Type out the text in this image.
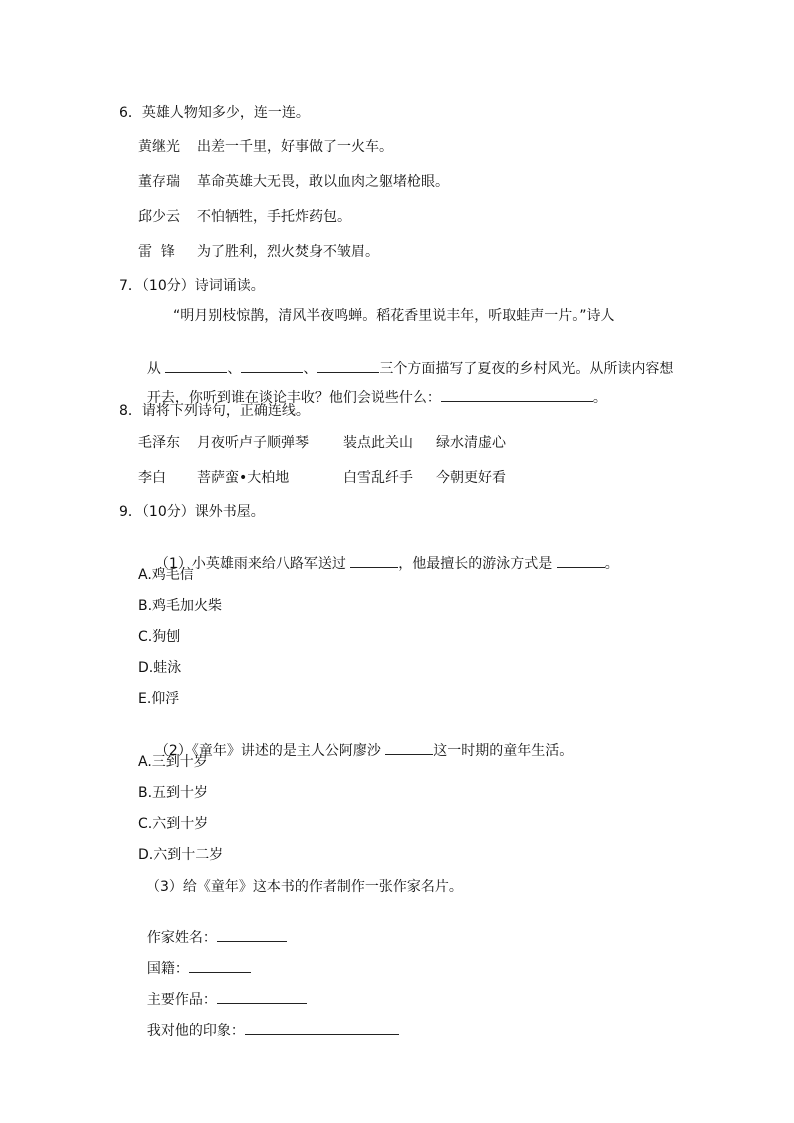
6．英雄人物知多少，连一连。
黄继光 出差一千里，好事做了一火车。
董存瑞 革命英雄大无畏，敢以血肉之躯堵枪眼。
邱少云 不怕牺牲，手托炸药包。
雷  锋 为了胜利，烈火焚身不皱眉。
7．（10分）诗词诵读。
“明月别枝惊鹊，清风半夜鸣蝉。稻花香里说丰年，听取蛙声一片。”诗人

从	、	、	三个方面描写了夏夜的乡村风光。从所读内容想

开去，你听到谁在谈论丰收？他们会说些什么：	。

8．请将下列诗句，正确连线。
毛泽东 月夜听卢子顺弹琴 装点此关山 绿水清虚心
李白 菩萨蛮•大柏地	白雪乱纤手 今朝更好看
9．（10分）课外书屋。

（1）小英雄雨来给八路军送过	，他最擅长的游泳方式是	。

A.鸡毛信
B.鸡毛加火柴
C.狗刨
D.蛙泳
E.仰浮

（2）《童年》讲述的是主人公阿廖沙	这一时期的童年生活。

A.三到十岁
B.五到十岁
C.六到十岁
D.六到十二岁
（3）给《童年》这本书的作者制作一张作家名片。

作家姓名：

国籍：

主要作品：

我对他的印象：
